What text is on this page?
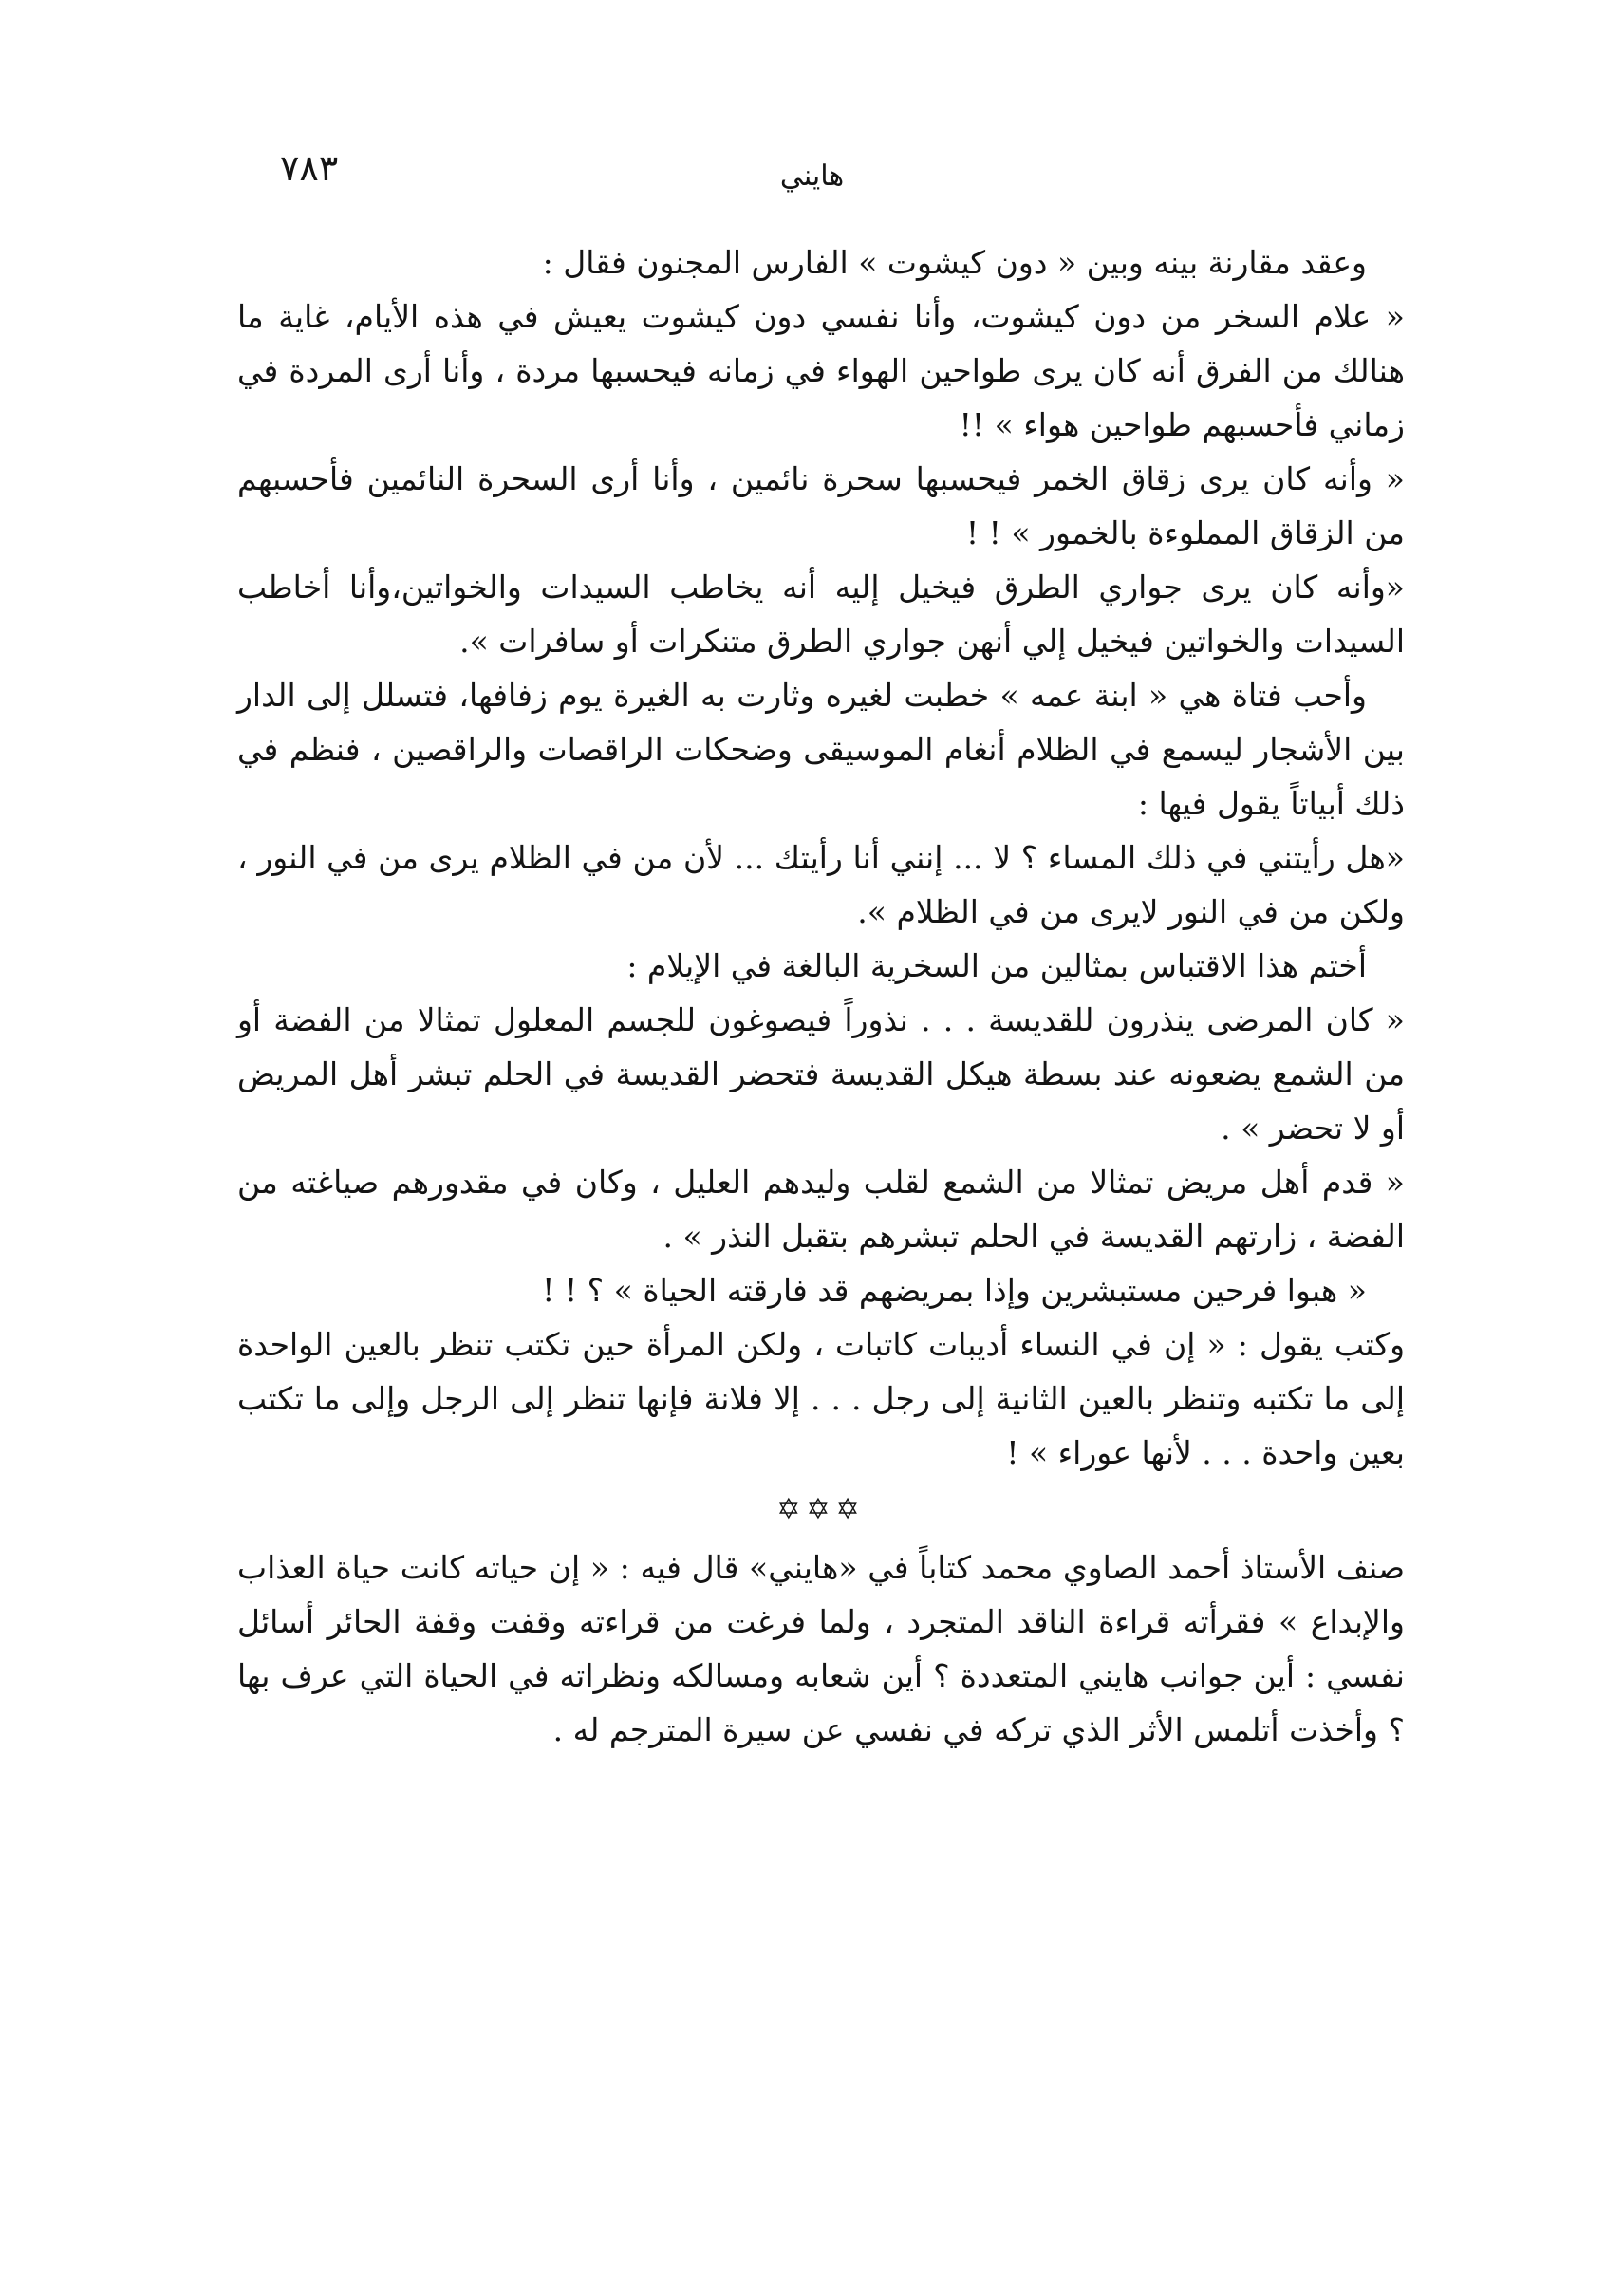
٧٨٣	هايني

وعقد مقارنة بينه وبين « دون كيشوت » الفارس المجنون فقال :

« علام السخر من دون كيشوت، وأنا نفسي دون كيشوت يعيش في هذه الأيام، غاية ما هنالك من الفرق أنه كان يرى طواحين الهواء في زمانه فيحسبها مردة ، وأنا أرى المردة في زماني فأحسبهم طواحين هواء » !!

« وأنه كان يرى زقاق الخمر فيحسبها سحرة نائمين ، وأنا أرى السحرة النائمين فأحسبهم من الزقاق المملوءة بالخمور » ! !

«وأنه كان يرى جواري الطرق فيخيل إليه أنه يخاطب السيدات والخواتين،وأنا أخاطب السيدات والخواتين فيخيل إلي أنهن جواري الطرق متنكرات أو سافرات ».

وأحب فتاة هي « ابنة عمه » خطبت لغيره وثارت به الغيرة يوم زفافها، فتسلل إلى الدار بين الأشجار ليسمع في الظلام أنغام الموسيقى وضحكات الراقصات والراقصين ، فنظم في ذلك أبياتاً يقول فيها :

«هل رأيتني في ذلك المساء ؟ لا ... إنني أنا رأيتك ... لأن من في الظلام يرى من في النور ، ولكن من في النور لايرى من في الظلام ».

أختم هذا الاقتباس بمثالين من السخرية البالغة في الإيلام :

« كان المرضى ينذرون للقديسة . . . نذوراً فيصوغون للجسم المعلول تمثالا من الفضة أو من الشمع يضعونه عند بسطة هيكل القديسة فتحضر القديسة في الحلم تبشر أهل المريض أو لا تحضر » .

« قدم أهل مريض تمثالا من الشمع لقلب وليدهم العليل ، وكان في مقدورهم صياغته من الفضة ، زارتهم القديسة في الحلم تبشرهم بتقبل النذر » .

« هبوا فرحين مستبشرين وإذا بمريضهم قد فارقته الحياة » ؟ ! !

وكتب يقول : « إن في النساء أديبات كاتبات ، ولكن المرأة حين تكتب تنظر بالعين الواحدة إلى ما تكتبه وتنظر بالعين الثانية إلى رجل . . . إلا فلانة فإنها تنظر إلى الرجل وإلى ما تكتب بعين واحدة . . . لأنها عوراء » !

✡✡✡

صنف الأستاذ أحمد الصاوي محمد كتاباً في «هايني» قال فيه : « إن حياته كانت حياة العذاب والإبداع » فقرأته قراءة الناقد المتجرد ، ولما فرغت من قراءته وقفت وقفة الحائر أسائل نفسي : أين جوانب هايني المتعددة ؟ أين شعابه ومسالكه ونظراته في الحياة التي عرف بها ؟ وأخذت أتلمس الأثر الذي تركه في نفسي عن سيرة المترجم له .
